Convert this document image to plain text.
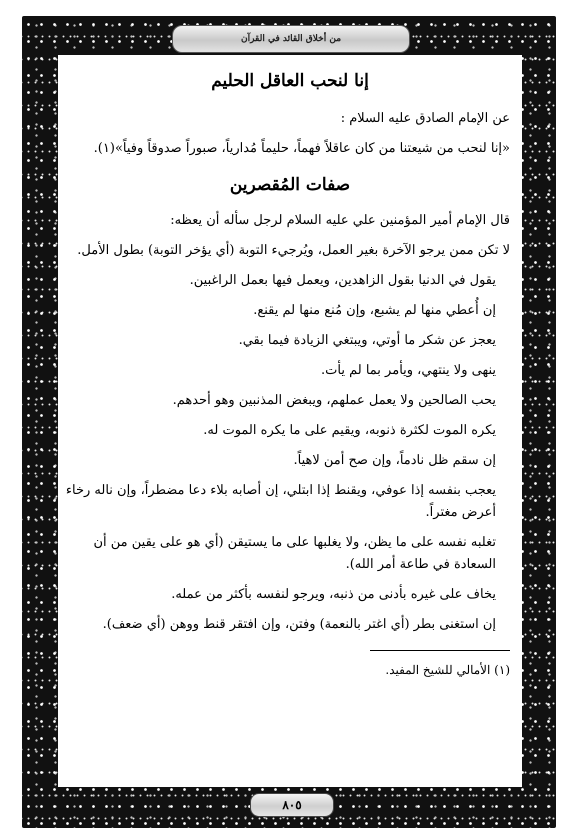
من أخلاق القائد في القرآن
إنا لنحب العاقل الحليم
عن الإمام الصادق عليه السلام :
«إنا لنحب من شيعتنا من كان عاقلاً فهماً، حليماً مُدارياً، صبوراً صدوقاً وفياً»(١).
صفات المُقصرين
قال الإمام أمير المؤمنين علي عليه السلام لرجل سأله أن يعظه:
لا تكن ممن يرجو الآخرة بغير العمل، ويُرجيء التوبة (أي يؤخر التوبة) بطول الأمل.
يقول في الدنيا بقول الزاهدين، ويعمل فيها بعمل الراغبين.
إن أُعطي منها لم يشبع، وإن مُنع منها لم يقنع.
يعجز عن شكر ما أوتي، ويبتغي الزيادة فيما بقي.
ينهى ولا ينتهي، ويأمر بما لم يأت.
يحب الصالحين ولا يعمل عملهم، ويبغض المذنبين وهو أحدهم.
يكره الموت لكثرة ذنوبه، ويقيم على ما يكره الموت له.
إن سقم ظل نادماً، وإن صح أمن لاهياً.
يعجب بنفسه إذا عوفي، ويقنط إذا ابتلي، إن أصابه بلاء دعا مضطراً، وإن ناله رخاء أعرض مغتراً.
تغلبه نفسه على ما يظن، ولا يغلبها على ما يستيقن (أي هو على يقين من أن السعادة في طاعة أمر الله).
يخاف على غيره بأدنى من ذنبه، ويرجو لنفسه بأكثر من عمله.
إن استغنى بطر (أي اغتر بالنعمة) وفتن، وإن افتقر قنط ووهن (أي ضعف).
(١) الأمالي للشيخ المفيد.
٨٠٥
